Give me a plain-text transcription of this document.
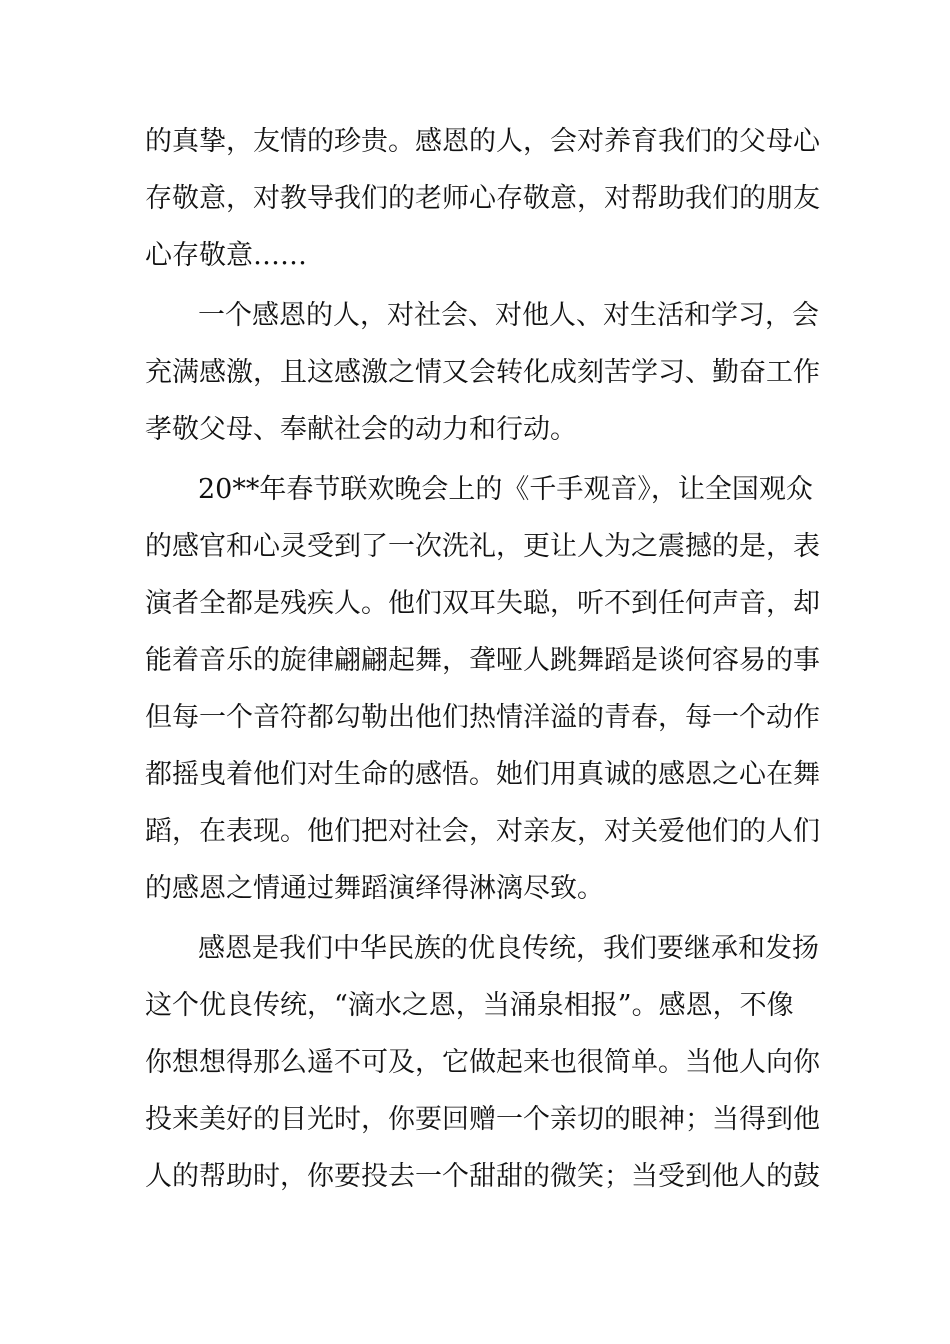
的真挚，友情的珍贵。感恩的人，会对养育我们的父母心
存敬意，对教导我们的老师心存敬意，对帮助我们的朋友
心存敬意……
一个感恩的人，对社会、对他人、对生活和学习，会
充满感激，且这感激之情又会转化成刻苦学习、勤奋工作
孝敬父母、奉献社会的动力和行动。
20**年春节联欢晚会上的《千手观音》，让全国观众
的感官和心灵受到了一次洗礼，更让人为之震撼的是，表
演者全都是残疾人。他们双耳失聪，听不到任何声音，却
能着音乐的旋律翩翩起舞，聋哑人跳舞蹈是谈何容易的事
但每一个音符都勾勒出他们热情洋溢的青春，每一个动作
都摇曳着他们对生命的感悟。她们用真诚的感恩之心在舞
蹈，在表现。他们把对社会，对亲友，对关爱他们的人们
的感恩之情通过舞蹈演绎得淋漓尽致。
感恩是我们中华民族的优良传统，我们要继承和发扬
这个优良传统，“滴水之恩，当涌泉相报”。感恩，不像
你想想得那么遥不可及，它做起来也很简单。当他人向你
投来美好的目光时，你要回赠一个亲切的眼神；当得到他
人的帮助时，你要投去一个甜甜的微笑；当受到他人的鼓
